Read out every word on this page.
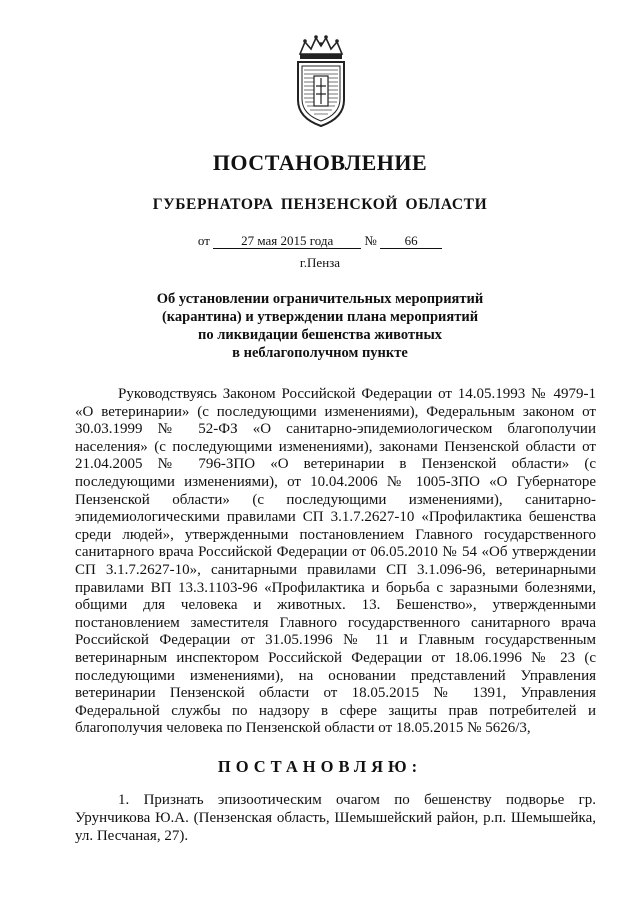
ПОСТАНОВЛЕНИЕ
ГУБЕРНАТОРА ПЕНЗЕНСКОЙ ОБЛАСТИ
от 27 мая 2015 года № 66
г.Пенза
Об установлении ограничительных мероприятий
(карантина) и утверждении плана мероприятий
по ликвидации бешенства животных
в неблагополучном пункте

Руководствуясь Законом Российской Федерации от 14.05.1993 № 4979-1 «О ветеринарии» (с последующими изменениями), Федеральным законом от 30.03.1999 № 52-ФЗ «О санитарно-эпидемиологическом благополучии населения» (с последующими изменениями), законами Пензенской области от 21.04.2005 № 796-ЗПО «О ветеринарии в Пензенской области» (с последующими изменениями), от 10.04.2006 № 1005-ЗПО «О Губернаторе Пензенской области» (с последующими изменениями), санитарно-эпидемиологическими правилами СП 3.1.7.2627-10 «Профилактика бешенства среди людей», утвержденными постановлением Главного государственного санитарного врача Российской Федерации от 06.05.2010 № 54 «Об утверждении СП 3.1.7.2627-10», санитарными правилами СП 3.1.096-96, ветеринарными правилами ВП 13.3.1103-96 «Профилактика и борьба с заразными болезнями, общими для человека и животных. 13. Бешенство», утвержденными постановлением заместителя Главного государственного санитарного врача Российской Федерации от 31.05.1996 № 11 и Главным государственным ветеринарным инспектором Российской Федерации от 18.06.1996 № 23 (с последующими изменениями), на основании представлений Управления ветеринарии Пензенской области от 18.05.2015 № 1391, Управления Федеральной службы по надзору в сфере защиты прав потребителей и благополучия человека по Пензенской области от 18.05.2015 № 5626/3,

ПОСТАНОВЛЯЮ:

1. Признать эпизоотическим очагом по бешенству подворье гр. Урунчикова Ю.А. (Пензенская область, Шемышейский район, р.п. Шемышейка, ул. Песчаная, 27).
